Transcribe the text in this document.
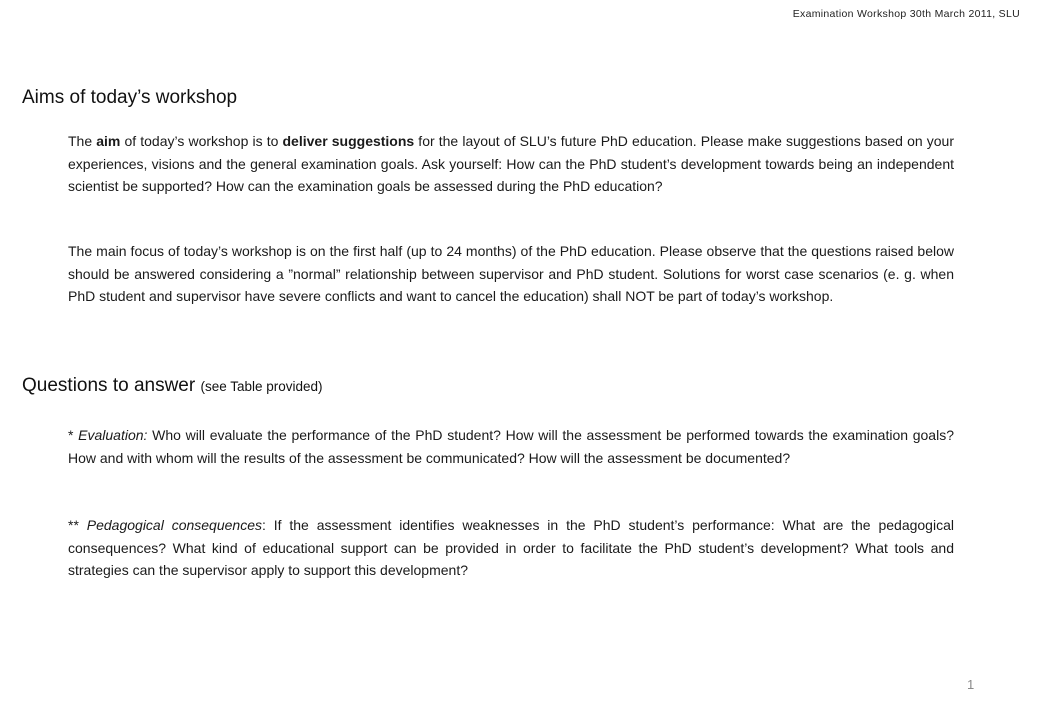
Examination Workshop 30th March 2011, SLU
Aims of today’s workshop

The aim of today’s workshop is to deliver suggestions for the layout of SLU’s future PhD education. Please make suggestions based on your experiences, visions and the general examination goals. Ask yourself: How can the PhD student’s development towards being an independent scientist be supported? How can the examination goals be assessed during the PhD education?

The main focus of today’s workshop is on the first half (up to 24 months) of the PhD education. Please observe that the questions raised below should be answered considering a ”normal” relationship between supervisor and PhD student. Solutions for worst case scenarios (e. g. when PhD student and supervisor have severe conflicts and want to cancel the education) shall NOT be part of today’s workshop.

Questions to answer (see Table provided)

* Evaluation: Who will evaluate the performance of the PhD student? How will the assessment be performed towards the examination goals? How and with whom will the results of the assessment be communicated? How will the assessment be documented?

** Pedagogical consequences: If the assessment identifies weaknesses in the PhD student’s performance: What are the pedagogical consequences? What kind of educational support can be provided in order to facilitate the PhD student’s development? What tools and strategies can the supervisor apply to support this development?

1
